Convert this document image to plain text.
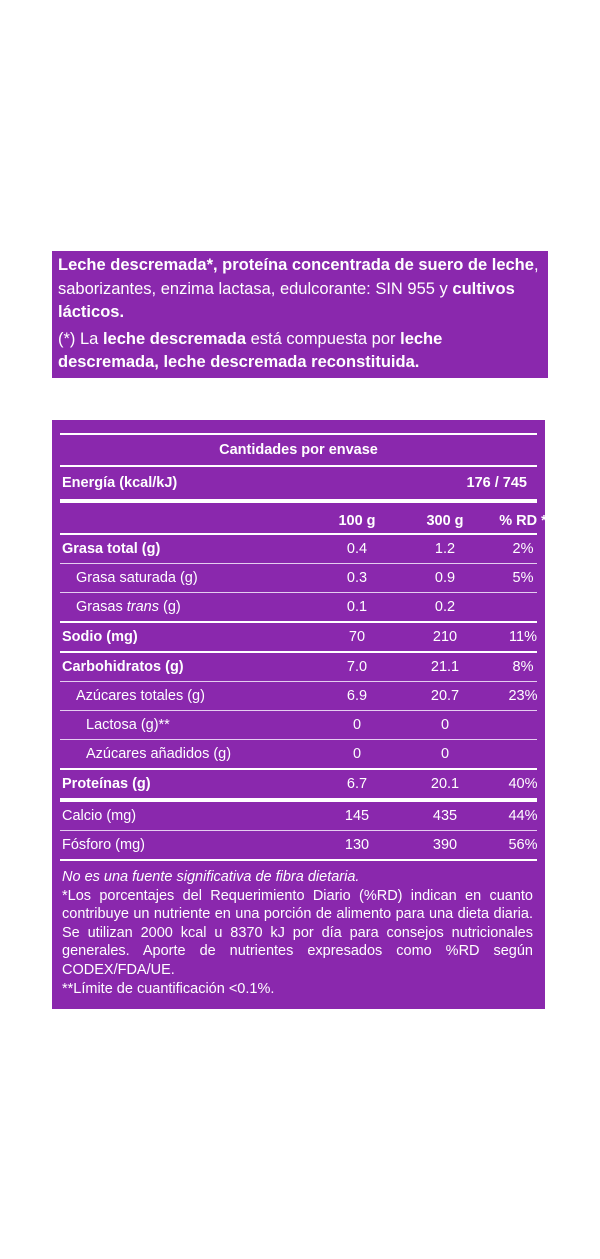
Leche descremada*, proteína concentrada de suero de leche, saborizantes, enzima lactasa, edulcorante: SIN 955 y cultivos lácticos.

(*) La leche descremada está compuesta por leche descremada, leche descremada reconstituida.

Cantidades por envase
Energía (kcal/kJ)	176 / 745
100 g	300 g	% RD *
Grasa total (g)	0.4	1.2	2%
Grasa saturada (g)	0.3	0.9	5%
Grasas trans (g)	0.1	0.2
Sodio (mg)	70	210	11%
Carbohidratos (g)	7.0	21.1	8%
Azúcares totales (g)	6.9	20.7	23%
Lactosa (g)**	0	0
Azúcares añadidos (g)	0	0
Proteínas (g)	6.7	20.1	40%
Calcio (mg)	145	435	44%
Fósforo (mg)	130	390	56%

No es una fuente significativa de fibra dietaria.

*Los porcentajes del Requerimiento Diario (%RD) indican en cuanto contribuye un nutriente en una porción de alimento para una dieta diaria. Se utilizan 2000 kcal u 8370 kJ por día para consejos nutricionales generales. Aporte de nutrientes expresados como %RD según CODEX/FDA/UE.

**Límite de cuantificación <0.1%.
